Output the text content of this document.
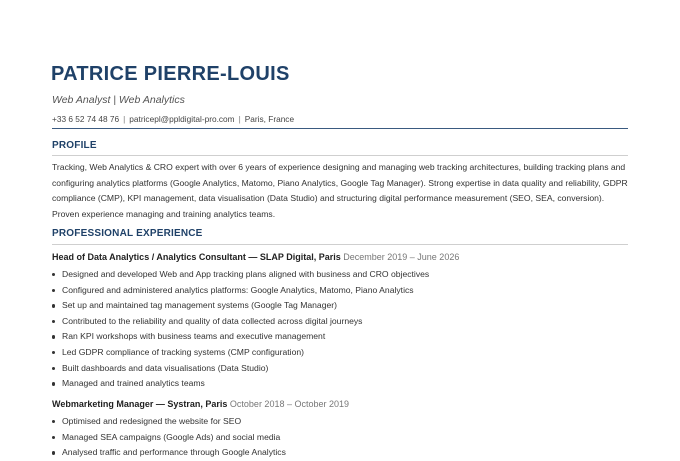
PATRICE PIERRE-LOUIS

Web Analyst | Web Analytics

+33 6 52 74 48 76 | patricepl@ppldigital-pro.com | Paris, France

PROFILE

Tracking, Web Analytics & CRO expert with over 6 years of experience designing and managing web tracking architectures, building tracking plans and configuring analytics platforms (Google Analytics, Matomo, Piano Analytics, Google Tag Manager). Strong expertise in data quality and reliability, GDPR compliance (CMP), KPI management, data visualisation (Data Studio) and structuring digital performance measurement (SEO, SEA, conversion). Proven experience managing and training analytics teams.

PROFESSIONAL EXPERIENCE

Head of Data Analytics / Analytics Consultant — SLAP Digital, Paris December 2019 – June 2026

Designed and developed Web and App tracking plans aligned with business and CRO objectives
Configured and administered analytics platforms: Google Analytics, Matomo, Piano Analytics
Set up and maintained tag management systems (Google Tag Manager)
Contributed to the reliability and quality of data collected across digital journeys
Ran KPI workshops with business teams and executive management
Led GDPR compliance of tracking systems (CMP configuration)
Built dashboards and data visualisations (Data Studio)
Managed and trained analytics teams

Webmarketing Manager — Systran, Paris October 2018 – October 2019

Optimised and redesigned the website for SEO
Managed SEA campaigns (Google Ads) and social media
Analysed traffic and performance through Google Analytics
